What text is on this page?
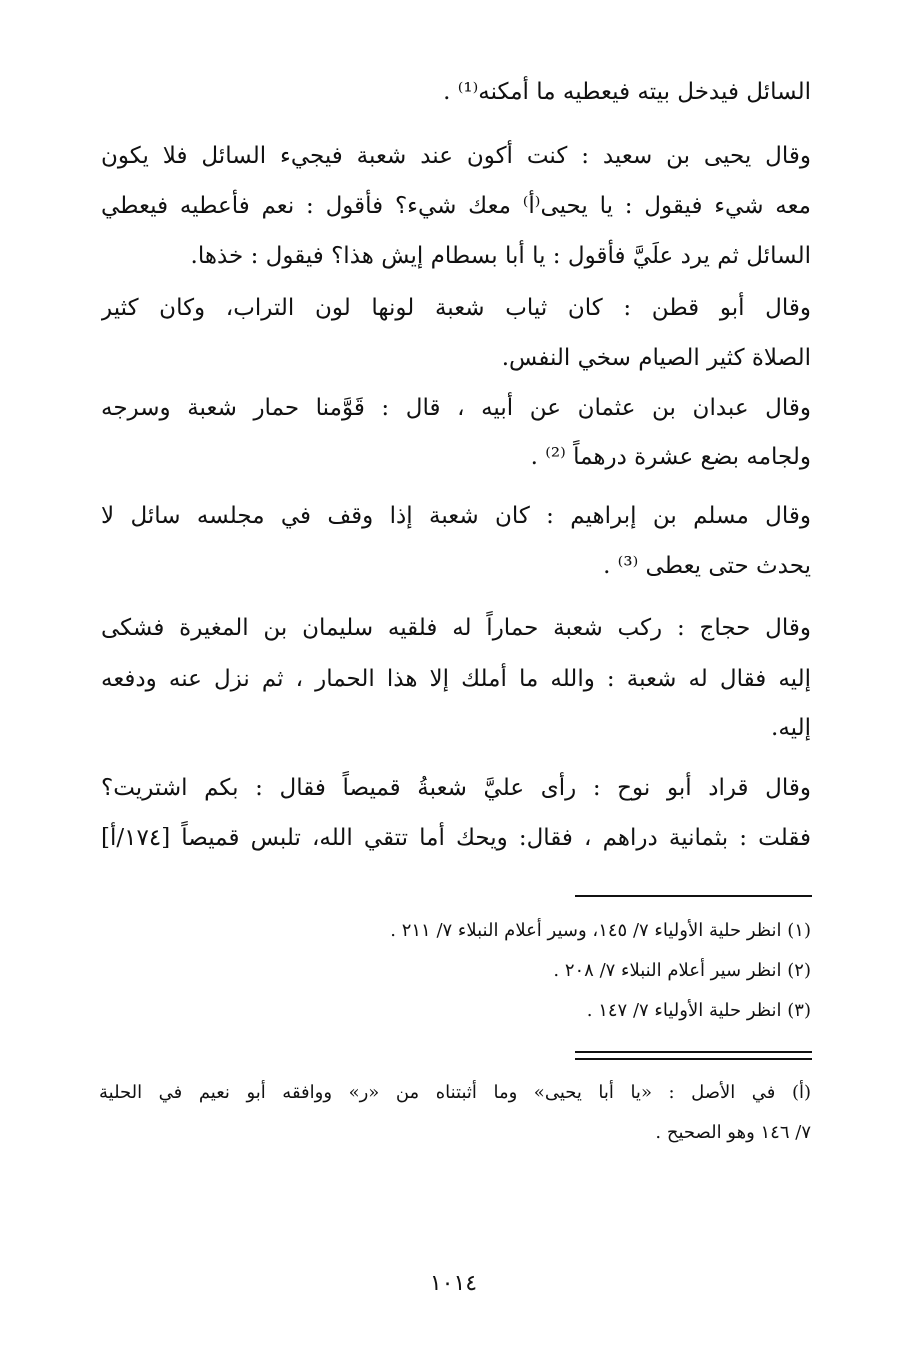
السائل فيدخل بيته فيعطيه ما أمكنه⁽¹⁾ .
وقال يحيى بن سعيد : كنت أكون عند شعبة فيجيء السائل فلا يكون
معه شيء فيقول : يا يحيى⁽أ⁾ معك شيء؟ فأقول : نعم فأعطيه فيعطي
السائل ثم يرد علَيَّ فأقول : يا أبا بسطام إيش هذا؟ فيقول : خذها.
وقال أبو قطن : كان ثياب شعبة لونها لون التراب، وكان كثير
الصلاة كثير الصيام سخي النفس.
وقال عبدان بن عثمان عن أبيه ، قال : قَوَّمنا حمار شعبة وسرجه
ولجامه بضع عشرة درهماً ⁽²⁾ .
وقال مسلم بن إبراهيم : كان شعبة إذا وقف في مجلسه سائل لا
يحدث حتى يعطى ⁽³⁾ .
وقال حجاج : ركب شعبة حماراً له فلقيه سليمان بن المغيرة فشكى
إليه فقال له شعبة : والله ما أملك إلا هذا الحمار ، ثم نزل عنه ودفعه
إليه.
وقال قراد أبو نوح : رأى عليَّ شعبةُ قميصاً فقال : بكم اشتريت؟
فقلت : بثمانية دراهم ، فقال: ويحك أما تتقي الله، تلبس قميصاً [١٧٤/أ]
(١) انظر حلية الأولياء ٧/ ١٤٥، وسير أعلام النبلاء ٧/ ٢١١ .
(٢) انظر سير أعلام النبلاء ٧/ ٢٠٨ .
(٣) انظر حلية الأولياء ٧/ ١٤٧ .
(أ) في الأصل : «يا أبا يحيى» وما أثبتناه من «ر» ووافقه أبو نعيم في الحلية
٧/ ١٤٦ وهو الصحيح .
١٠١٤
